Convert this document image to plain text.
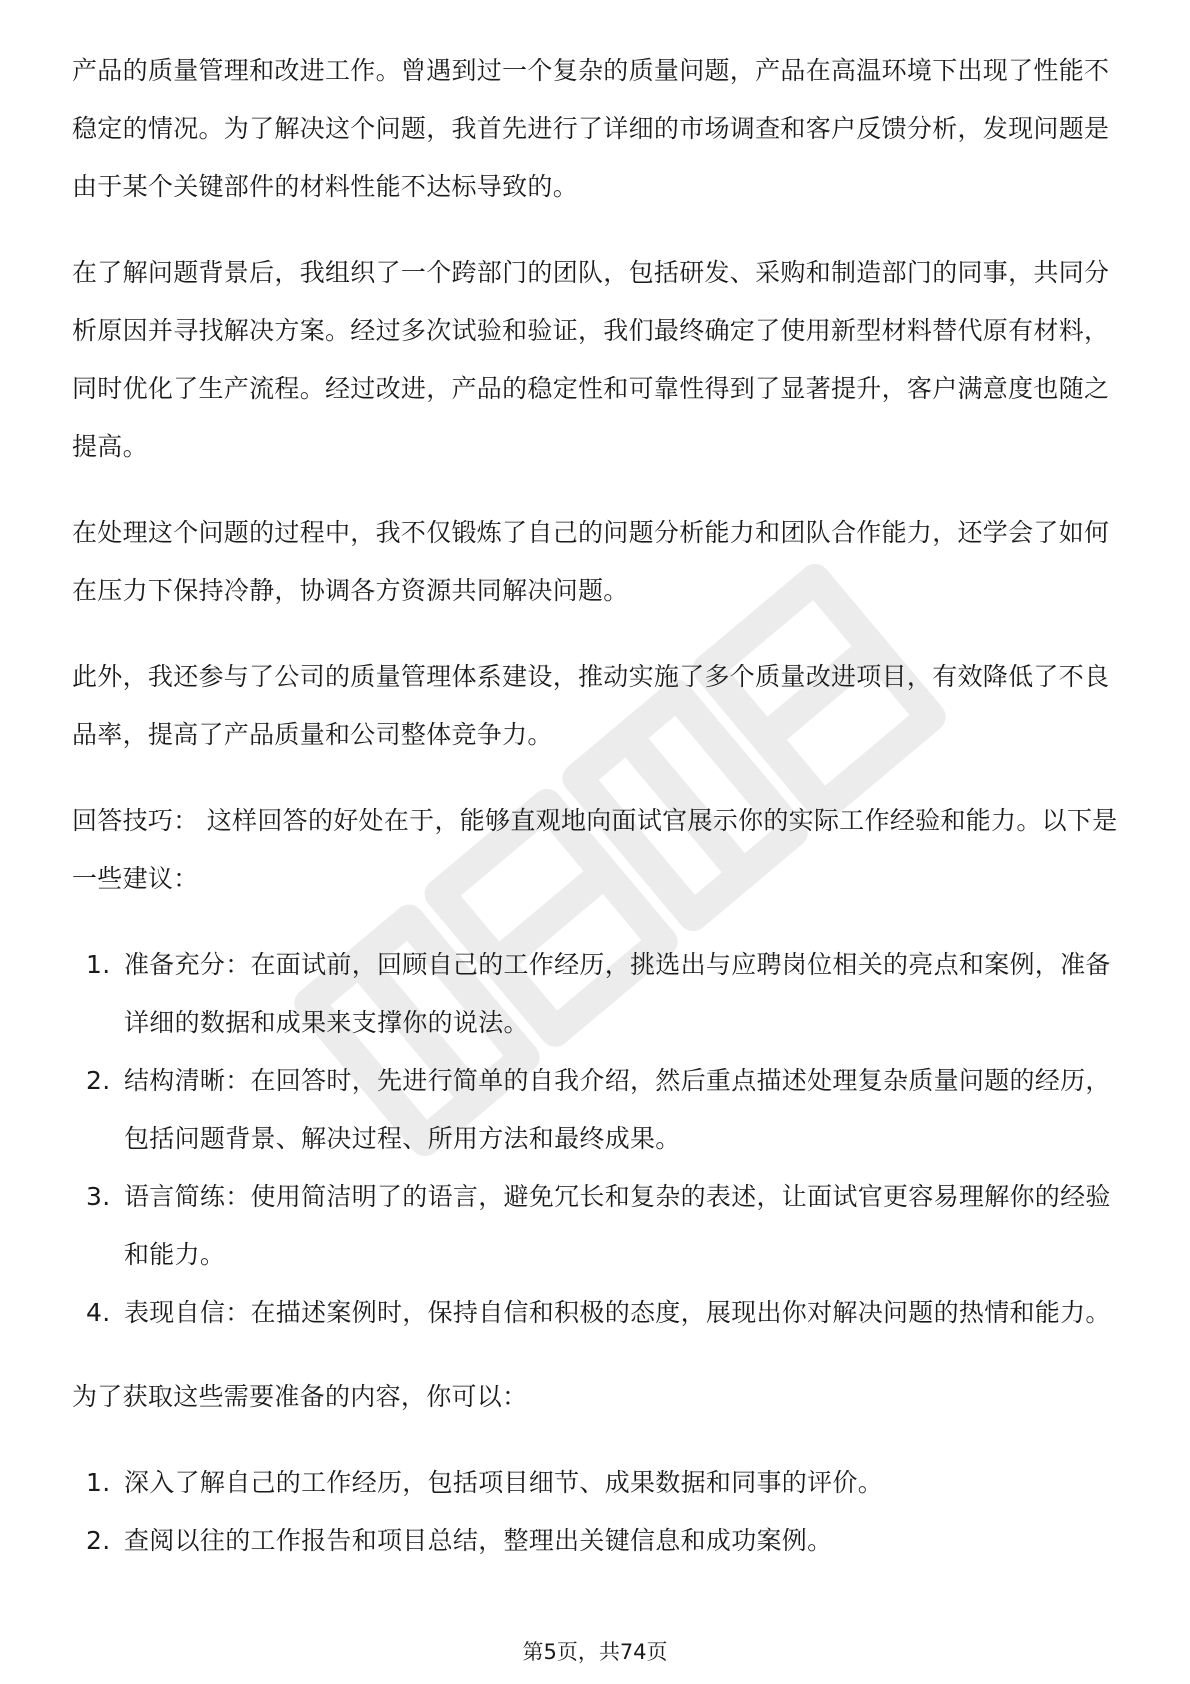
产品的质量管理和改进工作。曾遇到过一个复杂的质量问题，产品在高温环境下出现了性能不稳定的情况。为了解决这个问题，我首先进行了详细的市场调查和客户反馈分析，发现问题是由于某个关键部件的材料性能不达标导致的。

在了解问题背景后，我组织了一个跨部门的团队，包括研发、采购和制造部门的同事，共同分析原因并寻找解决方案。经过多次试验和验证，我们最终确定了使用新型材料替代原有材料，同时优化了生产流程。经过改进，产品的稳定性和可靠性得到了显著提升，客户满意度也随之提高。

在处理这个问题的过程中，我不仅锻炼了自己的问题分析能力和团队合作能力，还学会了如何在压力下保持冷静，协调各方资源共同解决问题。

此外，我还参与了公司的质量管理体系建设，推动实施了多个质量改进项目，有效降低了不良品率，提高了产品质量和公司整体竞争力。

回答技巧： 这样回答的好处在于，能够直观地向面试官展示你的实际工作经验和能力。以下是一些建议：

1. 准备充分：在面试前，回顾自己的工作经历，挑选出与应聘岗位相关的亮点和案例，准备详细的数据和成果来支撑你的说法。
2. 结构清晰：在回答时，先进行简单的自我介绍，然后重点描述处理复杂质量问题的经历，包括问题背景、解决过程、所用方法和最终成果。
3. 语言简练：使用简洁明了的语言，避免冗长和复杂的表述，让面试官更容易理解你的经验和能力。
4. 表现自信：在描述案例时，保持自信和积极的态度，展现出你对解决问题的热情和能力。

为了获取这些需要准备的内容，你可以：

1. 深入了解自己的工作经历，包括项目细节、成果数据和同事的评价。
2. 查阅以往的工作报告和项目总结，整理出关键信息和成功案例。
第5页，共74页
